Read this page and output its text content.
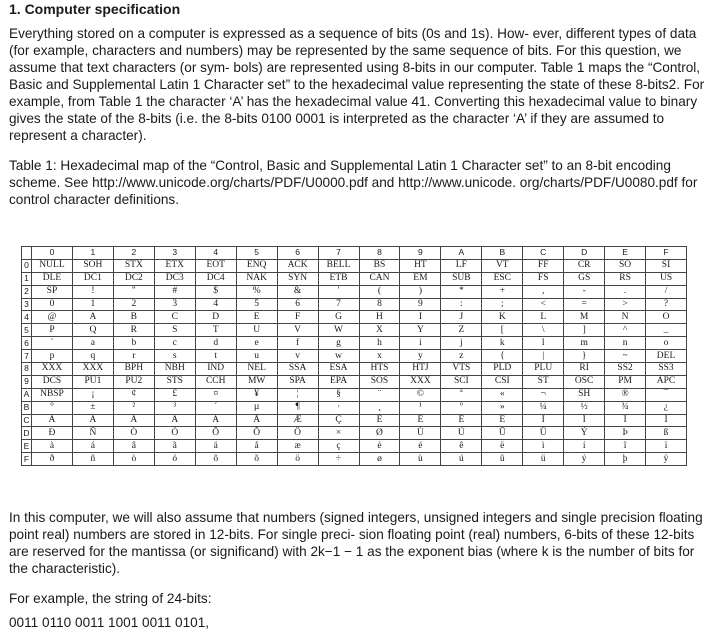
1. Computer specification

Everything stored on a computer is expressed as a sequence of bits (0s and 1s). How- ever, different types of data (for example, characters and numbers) may be represented by the same sequence of bits. For this question, we assume that text characters (or sym- bols) are represented using 8-bits in our computer. Table 1 maps the “Control, Basic and Supplemental Latin 1 Character set” to the hexadecimal value representing the state of these 8-bits2. For example, from Table 1 the character ‘A’ has the hexadecimal value 41. Converting this hexadecimal value to binary gives the state of the 8-bits (i.e. the 8-bits 0100 0001 is interpreted as the character ‘A’ if they are assumed to represent a character).

Table 1: Hexadecimal map of the “Control, Basic and Supplemental Latin 1 Character set” to an 8-bit encoding scheme. See http://www.unicode.org/charts/PDF/U0000.pdf and http://www.unicode. org/charts/PDF/U0080.pdf for control character definitions.

	0	1	2	3	4	5	6	7	8	9	A	B	C	D	E	F
0	NULL	SOH	STX	ETX	EOT	ENQ	ACK	BELL	BS	HT	LF	VT	FF	CR	SO	SI
1	DLE	DC1	DC2	DC3	DC4	NAK	SYN	ETB	CAN	EM	SUB	ESC	FS	GS	RS	US
2	SP	!	"	#	$	%	&	'	(	)	*	+	,	-	.	/
3	0	1	2	3	4	5	6	7	8	9	:	;	<	=	>	?
4	@	A	B	C	D	E	F	G	H	I	J	K	L	M	N	O
5	P	Q	R	S	T	U	V	W	X	Y	Z	[	\	]	^	_
6	`	a	b	c	d	e	f	g	h	i	j	k	l	m	n	o
7	p	q	r	s	t	u	v	w	x	y	z	{	|	}	~	DEL
8	XXX	XXX	BPH	NBH	IND	NEL	SSA	ESA	HTS	HTJ	VTS	PLD	PLU	RI	SS2	SS3
9	DCS	PU1	PU2	STS	CCH	MW	SPA	EPA	SOS	XXX	SCI	CSI	ST	OSC	PM	APC
A	NBSP	¡	¢	£	¤	¥	¦	§	¨	©	ª	«	¬	SH	®	¯
B	°	±	²	³	´	µ	¶	·	¸	¹	º	»	¼	½	¾	¿
C	À	Á	Â	Ã	Ä	Å	Æ	Ç	È	É	Ê	Ë	Ì	Í	Î	Ï
D	Ð	Ñ	Ò	Ó	Ô	Õ	Ö	×	Ø	Ù	Ú	Û	Ü	Ý	Þ	ß
E	à	á	â	ã	ä	å	æ	ç	è	é	ê	ë	ì	í	î	ï
F	ð	ñ	ò	ó	ô	õ	ö	÷	ø	ù	ú	û	ü	ý	þ	ÿ

In this computer, we will also assume that numbers (signed integers, unsigned integers and single precision floating point real) numbers are stored in 12-bits. For single preci- sion floating point (real) numbers, 6-bits of these 12-bits are reserved for the mantissa (or significand) with 2k−1 − 1 as the exponent bias (where k is the number of bits for the characteristic).

For example, the string of 24-bits:

0011 0110 0011 1001 0011 0101,
